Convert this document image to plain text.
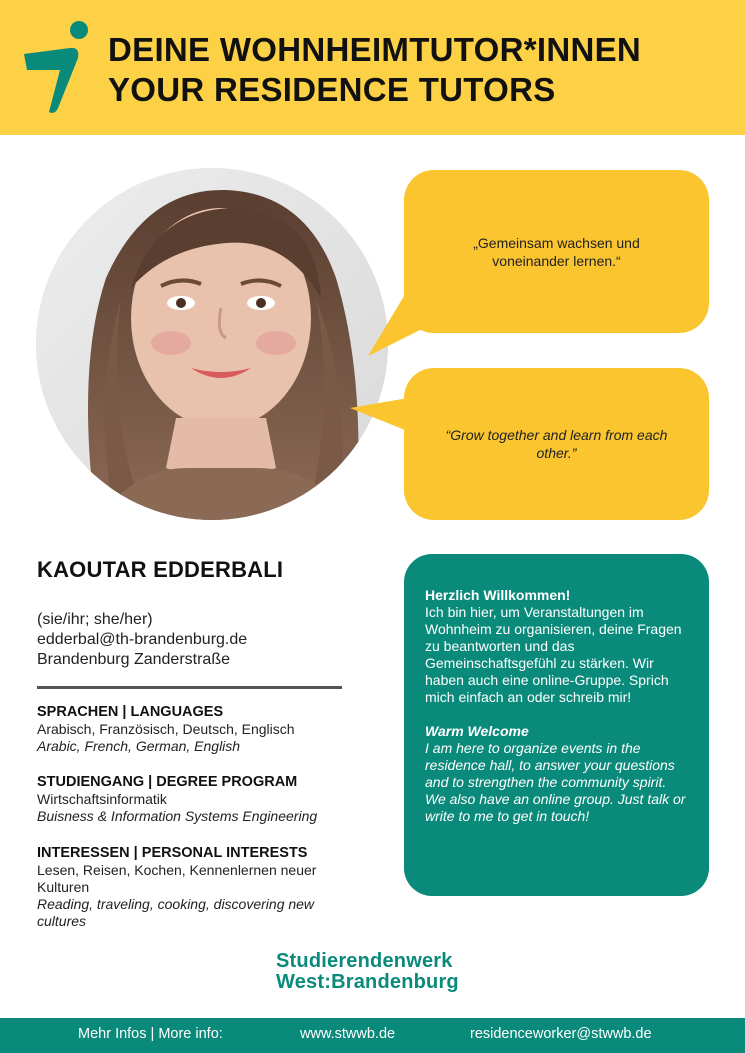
DEINE WOHNHEIMTUTOR*INNEN
YOUR RESIDENCE TUTORS
„Gemeinsam wachsen und voneinander lernen.“
“Grow together and learn from each other.”
KAOUTAR EDDERBALI
(sie/ihr; she/her)
edderbal@th-brandenburg.de
Brandenburg Zanderstraße
SPRACHEN | LANGUAGES
Arabisch, Französisch, Deutsch, Englisch
Arabic, French, German, English
STUDIENGANG | DEGREE PROGRAM
Wirtschaftsinformatik
Buisness & Information Systems Engineering
INTERESSEN | PERSONAL INTERESTS
Lesen, Reisen, Kochen, Kennenlernen neuer Kulturen
Reading, traveling, cooking, discovering new cultures
Herzlich Willkommen!
Ich bin hier, um Veranstaltungen im Wohnheim zu organisieren, deine Fragen zu beantworten und das Gemeinschaftsgefühl zu stärken. Wir haben auch eine online-Gruppe. Sprich mich einfach an oder schreib mir!
Warm Welcome
I am here to organize events in the residence hall, to answer your questions and to strengthen the community spirit. We also have an online group. Just talk or write to me to get in touch!
Studierendenwerk
West:Brandenburg
Mehr Infos | More info:	www.stwwb.de	residenceworker@stwwb.de
